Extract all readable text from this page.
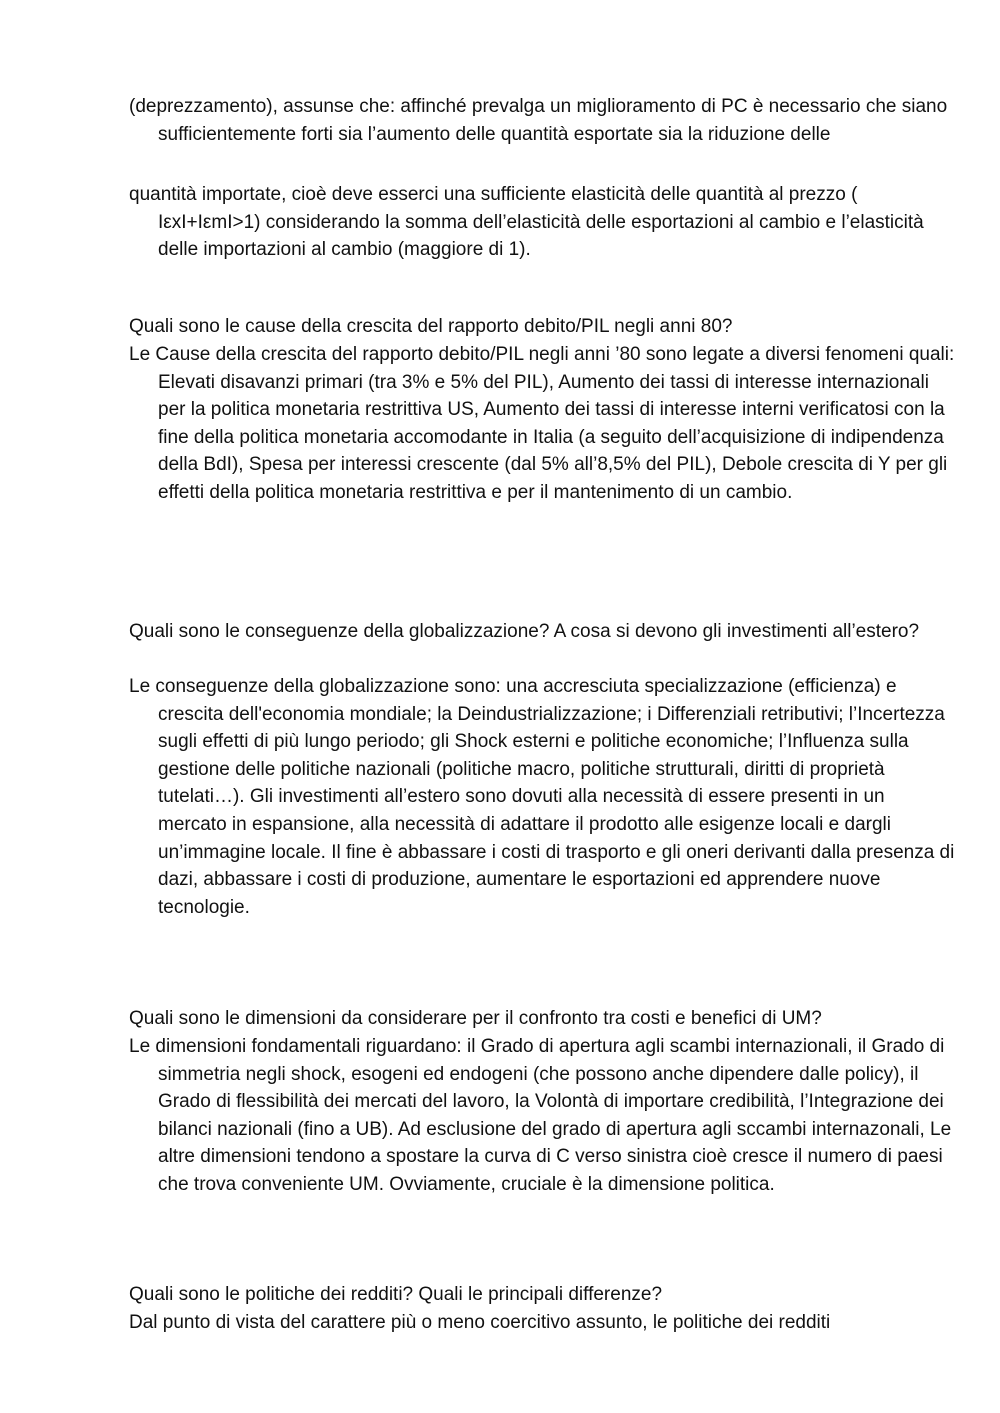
(deprezzamento), assunse che: affinché prevalga un miglioramento di PC è necessario che siano sufficientemente forti sia l’aumento delle quantità esportate sia la riduzione delle

quantità importate, cioè deve esserci una sufficiente elasticità delle quantità al prezzo ( IεxI+IεmI>1) considerando la somma dell’elasticità delle esportazioni al cambio e l’elasticità delle importazioni al cambio (maggiore di 1).

Quali sono le cause della crescita del rapporto debito/PIL negli anni 80?

Le Cause della crescita del rapporto debito/PIL negli anni ’80 sono legate a diversi fenomeni quali: Elevati disavanzi primari (tra 3% e 5% del PIL), Aumento dei tassi di interesse internazionali per la politica monetaria restrittiva US, Aumento dei tassi di interesse interni verificatosi con la fine della politica monetaria accomodante in Italia (a seguito dell’acquisizione di indipendenza della BdI), Spesa per interessi crescente (dal 5% all’8,5% del PIL), Debole crescita di Y per gli effetti della politica monetaria restrittiva e per il mantenimento di un cambio.

Quali sono le conseguenze della globalizzazione? A cosa si devono gli investimenti all’estero?

Le conseguenze della globalizzazione sono: una accresciuta specializzazione (efficienza) e crescita dell'economia mondiale; la Deindustrializzazione; i Differenziali retributivi; l’Incertezza sugli effetti di più lungo periodo; gli Shock esterni e politiche economiche; l’Influenza sulla gestione delle politiche nazionali (politiche macro, politiche strutturali, diritti di proprietà tutelati…). Gli investimenti all’estero sono dovuti alla necessità di essere presenti in un mercato in espansione, alla necessità di adattare il prodotto alle esigenze locali e dargli un’immagine locale. Il fine è abbassare i costi di trasporto e gli oneri derivanti dalla presenza di dazi, abbassare i costi di produzione, aumentare le esportazioni ed apprendere nuove tecnologie.

Quali sono le dimensioni da considerare per il confronto tra costi e benefici di UM?

Le dimensioni fondamentali riguardano: il Grado di apertura agli scambi internazionali, il Grado di simmetria negli shock, esogeni ed endogeni (che possono anche dipendere dalle policy), il Grado di flessibilità dei mercati del lavoro, la Volontà di importare credibilità, l’Integrazione dei bilanci nazionali (fino a UB). Ad esclusione del grado di apertura agli sccambi internazonali, Le altre dimensioni tendono a spostare la curva di C verso sinistra cioè cresce il numero di paesi che trova conveniente UM. Ovviamente, cruciale è la dimensione politica.

Quali sono le politiche dei redditi? Quali le principali differenze?

Dal punto di vista del carattere più o meno coercitivo assunto, le politiche dei redditi
